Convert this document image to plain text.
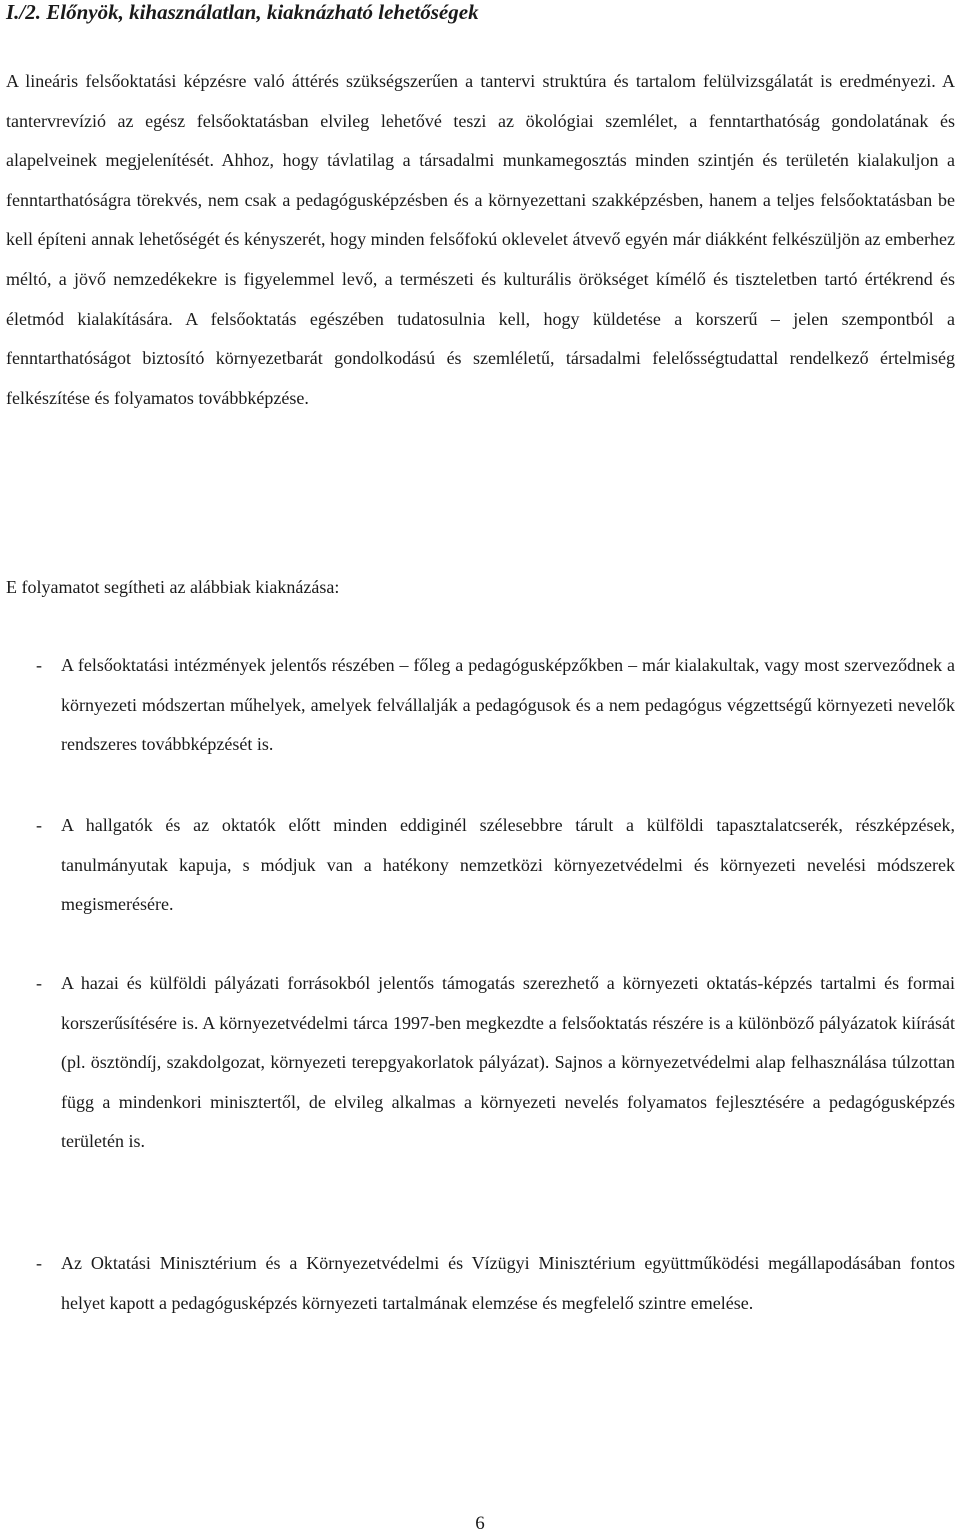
I./2. Előnyök, kihasználatlan, kiaknázható lehetőségek

A lineáris felsőoktatási képzésre való áttérés szükségszerűen a tantervi struktúra és tartalom felülvizsgálatát is eredményezi. A tantervrevízió az egész felsőoktatásban elvileg lehetővé teszi az ökológiai szemlélet, a fenntarthatóság gondolatának és alapelveinek megjelenítését. Ahhoz, hogy távlatilag a társadalmi munkamegosztás minden szintjén és területén kialakuljon a fenntarthatóságra törekvés, nem csak a pedagógusképzésben és a környezettani szakképzésben, hanem a teljes felsőoktatásban be kell építeni annak lehetőségét és kényszerét, hogy minden felsőfokú oklevelet átvevő egyén már diákként felkészüljön az emberhez méltó, a jövő nemzedékekre is figyelemmel levő, a természeti és kulturális örökséget kímélő és tiszteletben tartó értékrend és életmód kialakítására. A felsőoktatás egészében tudatosulnia kell, hogy küldetése a korszerű – jelen szempontból a fenntarthatóságot biztosító környezetbarát gondolkodású és szemléletű, társadalmi felelősségtudattal rendelkező értelmiség felkészítése és folyamatos továbbképzése.

E folyamatot segítheti az alábbiak kiaknázása:

-	A felsőoktatási intézmények jelentős részében – főleg a pedagógusképzőkben – már kialakultak, vagy most szerveződnek a környezeti módszertan műhelyek, amelyek felvállalják a pedagógusok és a nem pedagógus végzettségű környezeti nevelők rendszeres továbbképzését is.

-	A hallgatók és az oktatók előtt minden eddiginél szélesebbre tárult a külföldi tapasztalatcserék, részképzések, tanulmányutak kapuja, s módjuk van a hatékony nemzetközi környezetvédelmi és környezeti nevelési módszerek megismerésére.

-	A hazai és külföldi pályázati forrásokból jelentős támogatás szerezhető a környezeti oktatás-képzés tartalmi és formai korszerűsítésére is. A környezetvédelmi tárca 1997-ben megkezdte a felsőoktatás részére is a különböző pályázatok kiírását (pl. ösztöndíj, szakdolgozat, környezeti terepgyakorlatok pályázat). Sajnos a környezetvédelmi alap felhasználása túlzottan függ a mindenkori minisztertől, de elvileg alkalmas a környezeti nevelés folyamatos fejlesztésére a pedagógusképzés területén is.

-	Az Oktatási Minisztérium és a Környezetvédelmi és Vízügyi Minisztérium együttműködési megállapodásában fontos helyet kapott a pedagógusképzés környezeti tartalmának elemzése és megfelelő szintre emelése.

6
